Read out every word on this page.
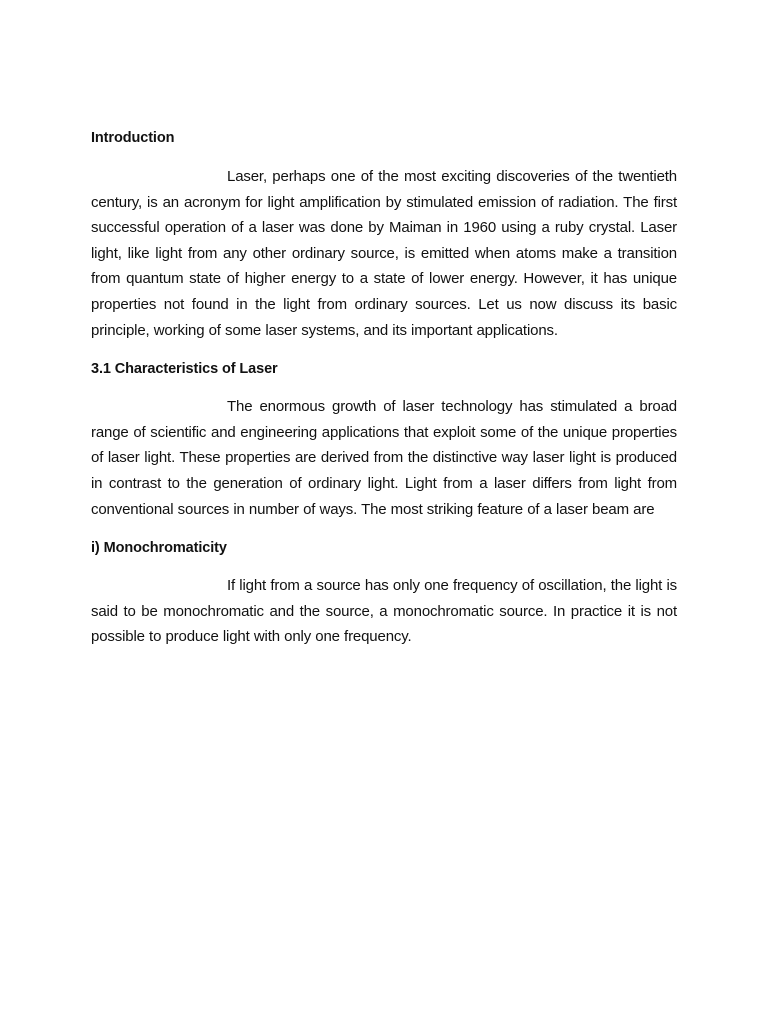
Introduction

Laser, perhaps one of the most exciting discoveries of the twentieth century, is an acronym for light amplification by stimulated emission of radiation. The first successful operation of a laser was done by Maiman in 1960 using a ruby crystal. Laser light, like light from any other ordinary source, is emitted when atoms make a transition from quantum state of higher energy to a state of lower energy. However, it has unique properties not found in the light from ordinary sources. Let us now discuss its basic principle, working of some laser systems, and its important applications.

3.1 Characteristics of Laser

The enormous growth of laser technology has stimulated a broad range of scientific and engineering applications that exploit some of the unique properties of laser light. These properties are derived from the distinctive way laser light is produced in contrast to the generation of ordinary light. Light from a laser differs from light from conventional sources in number of ways. The most striking feature of a laser beam are

i) Monochromaticity

If light from a source has only one frequency of oscillation, the light is said to be monochromatic and the source, a monochromatic source. In practice it is not possible to produce light with only one frequency.
